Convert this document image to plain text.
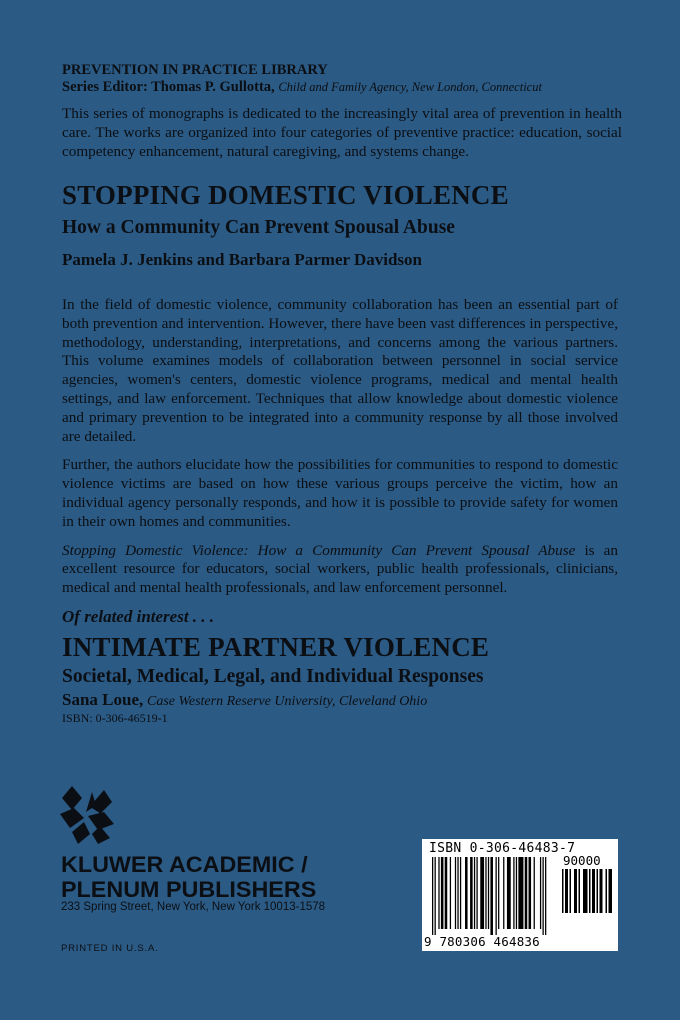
PREVENTION IN PRACTICE LIBRARY
Series Editor: Thomas P. Gullotta, Child and Family Agency, New London, Connecticut
This series of monographs is dedicated to the increasingly vital area of prevention in health care. The works are organized into four categories of preventive practice: education, social competency enhancement, natural caregiving, and systems change.
STOPPING DOMESTIC VIOLENCE
How a Community Can Prevent Spousal Abuse
Pamela J. Jenkins and Barbara Parmer Davidson

In the field of domestic violence, community collaboration has been an essential part of both prevention and intervention. However, there have been vast differences in perspective, methodology, understanding, interpretations, and concerns among the various partners. This volume examines models of collaboration between personnel in social service agencies, women's centers, domestic violence programs, medical and mental health settings, and law enforcement. Techniques that allow knowledge about domestic violence and primary prevention to be integrated into a community response by all those involved are detailed.

Further, the authors elucidate how the possibilities for communities to respond to domestic violence victims are based on how these various groups perceive the victim, how an individual agency personally responds, and how it is possible to provide safety for women in their own homes and communities.

Stopping Domestic Violence: How a Community Can Prevent Spousal Abuse is an excellent resource for educators, social workers, public health professionals, clinicians, medical and mental health professionals, and law enforcement personnel.

Of related interest . . .
INTIMATE PARTNER VIOLENCE
Societal, Medical, Legal, and Individual Responses
Sana Loue, Case Western Reserve University, Cleveland Ohio
ISBN: 0-306-46519-1
KLUWER ACADEMIC /
PLENUM PUBLISHERS
233 Spring Street, New York, New York 10013-1578
PRINTED IN U.S.A.
ISBN 0-306-46483-7
90000
9 780306 464836
